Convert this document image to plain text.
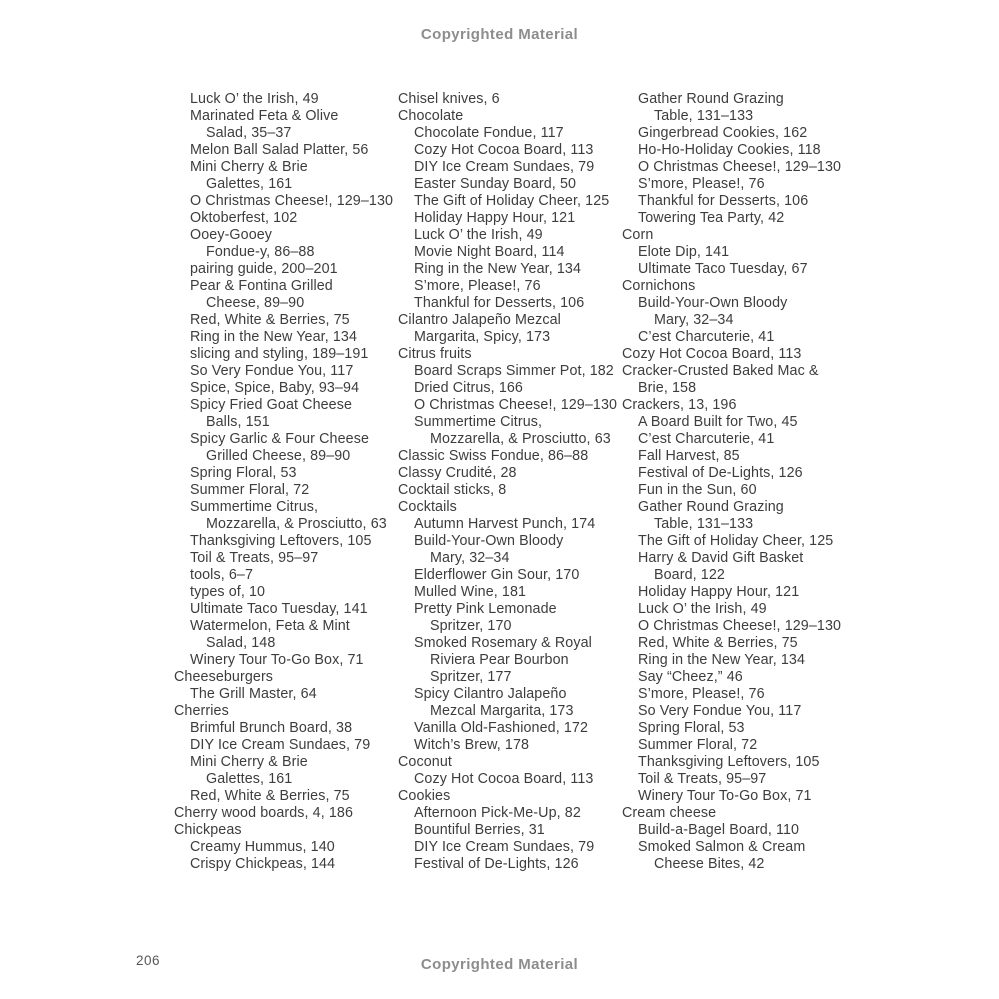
Copyrighted Material
Luck O’ the Irish, 49
Marinated Feta & Olive
Salad, 35–37
Melon Ball Salad Platter, 56
Mini Cherry & Brie
Galettes, 161
O Christmas Cheese!, 129–130
Oktoberfest, 102
Ooey-Gooey
Fondue-y, 86–88
pairing guide, 200–201
Pear & Fontina Grilled
Cheese, 89–90
Red, White & Berries, 75
Ring in the New Year, 134
slicing and styling, 189–191
So Very Fondue You, 117
Spice, Spice, Baby, 93–94
Spicy Fried Goat Cheese
Balls, 151
Spicy Garlic & Four Cheese
Grilled Cheese, 89–90
Spring Floral, 53
Summer Floral, 72
Summertime Citrus,
Mozzarella, & Prosciutto, 63
Thanksgiving Leftovers, 105
Toil & Treats, 95–97
tools, 6–7
types of, 10
Ultimate Taco Tuesday, 141
Watermelon, Feta & Mint
Salad, 148
Winery Tour To-Go Box, 71
Cheeseburgers
The Grill Master, 64
Cherries
Brimful Brunch Board, 38
DIY Ice Cream Sundaes, 79
Mini Cherry & Brie
Galettes, 161
Red, White & Berries, 75
Cherry wood boards, 4, 186
Chickpeas
Creamy Hummus, 140
Crispy Chickpeas, 144
Chisel knives, 6
Chocolate
Chocolate Fondue, 117
Cozy Hot Cocoa Board, 113
DIY Ice Cream Sundaes, 79
Easter Sunday Board, 50
The Gift of Holiday Cheer, 125
Holiday Happy Hour, 121
Luck O’ the Irish, 49
Movie Night Board, 114
Ring in the New Year, 134
S’more, Please!, 76
Thankful for Desserts, 106
Cilantro Jalapeño Mezcal
Margarita, Spicy, 173
Citrus fruits
Board Scraps Simmer Pot, 182
Dried Citrus, 166
O Christmas Cheese!, 129–130
Summertime Citrus,
Mozzarella, & Prosciutto, 63
Classic Swiss Fondue, 86–88
Classy Crudité, 28
Cocktail sticks, 8
Cocktails
Autumn Harvest Punch, 174
Build-Your-Own Bloody
Mary, 32–34
Elderflower Gin Sour, 170
Mulled Wine, 181
Pretty Pink Lemonade
Spritzer, 170
Smoked Rosemary & Royal
Riviera Pear Bourbon
Spritzer, 177
Spicy Cilantro Jalapeño
Mezcal Margarita, 173
Vanilla Old-Fashioned, 172
Witch’s Brew, 178
Coconut
Cozy Hot Cocoa Board, 113
Cookies
Afternoon Pick-Me-Up, 82
Bountiful Berries, 31
DIY Ice Cream Sundaes, 79
Festival of De-Lights, 126
Gather Round Grazing
Table, 131–133
Gingerbread Cookies, 162
Ho-Ho-Holiday Cookies, 118
O Christmas Cheese!, 129–130
S’more, Please!, 76
Thankful for Desserts, 106
Towering Tea Party, 42
Corn
Elote Dip, 141
Ultimate Taco Tuesday, 67
Cornichons
Build-Your-Own Bloody
Mary, 32–34
C’est Charcuterie, 41
Cozy Hot Cocoa Board, 113
Cracker-Crusted Baked Mac &
Brie, 158
Crackers, 13, 196
A Board Built for Two, 45
C’est Charcuterie, 41
Fall Harvest, 85
Festival of De-Lights, 126
Fun in the Sun, 60
Gather Round Grazing
Table, 131–133
The Gift of Holiday Cheer, 125
Harry & David Gift Basket
Board, 122
Holiday Happy Hour, 121
Luck O’ the Irish, 49
O Christmas Cheese!, 129–130
Red, White & Berries, 75
Ring in the New Year, 134
Say “Cheez,” 46
S’more, Please!, 76
So Very Fondue You, 117
Spring Floral, 53
Summer Floral, 72
Thanksgiving Leftovers, 105
Toil & Treats, 95–97
Winery Tour To-Go Box, 71
Cream cheese
Build-a-Bagel Board, 110
Smoked Salmon & Cream
Cheese Bites, 42
206	Copyrighted Material
